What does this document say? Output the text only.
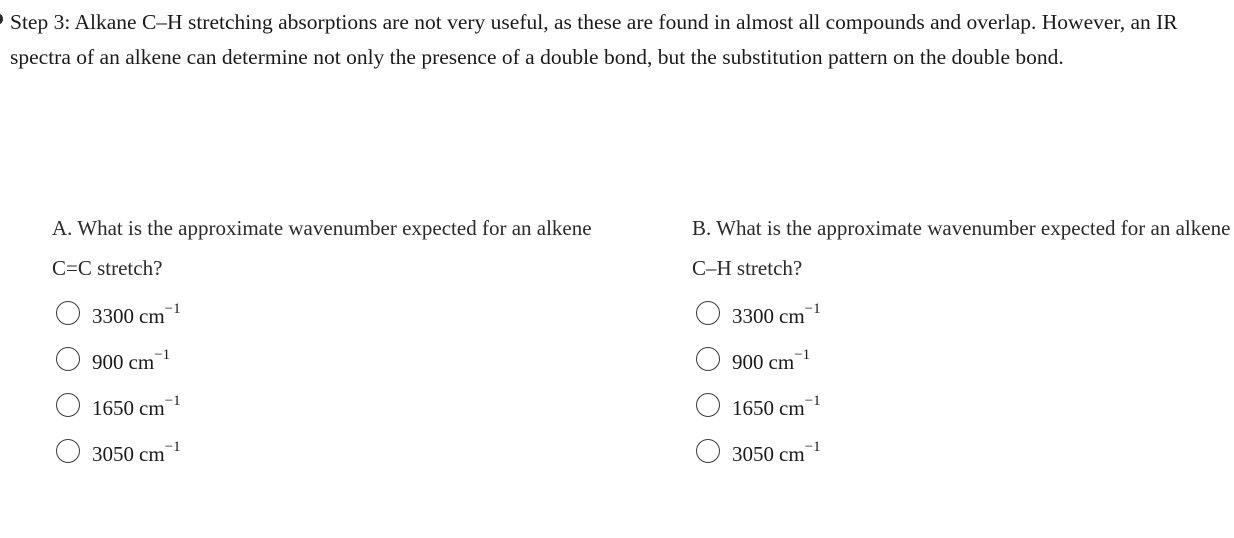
Step 3: Alkane C–H stretching absorptions are not very useful, as these are found in almost all compounds and overlap. However, an IR spectra of an alkene can determine not only the presence of a double bond, but the substitution pattern on the double bond.

A. What is the approximate wavenumber expected for an alkene C=C stretch?

3300 $cm^{-1}$
900 $cm^{-1}$
1650 $cm^{-1}$
3050 $cm^{-1}$

B. What is the approximate wavenumber expected for an alkene C–H stretch?

3300 $cm^{-1}$
900 $cm^{-1}$
1650 $cm^{-1}$
3050 $cm^{-1}$
